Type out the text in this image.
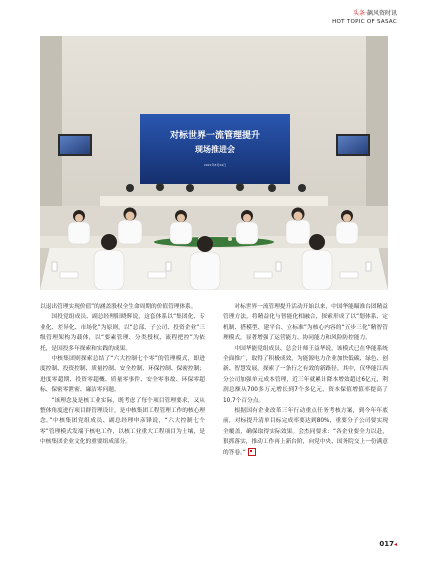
头条·飙风资时讯
HOT TOPIC OF SASAC
对标世界一流管理提升
现场推进会
2021年8月24日

以退出管理实现价值”的涵盖股权全生命周期的价值管理体系。

国投党组成员、副总经理阳晓辉说，这套体系以“集团化、专业化、差异化、市场化”为原则，以“总部、子公司、投资企业”三级管理架构为载体，以“要素管理、分类授权、流程把控”为依托，是国投多年探索和实践的成果。

中核集团则探索总结了“六大控制七个零”的管理模式，即进度控制、投资控制、质量控制、安全控制、环保控制、保密控制；进度零超期、投资零超概、质量零事件、安全零事故、环保零超标、保密零泄密、廉洁零问题。

“该理念及是核工业实际，既考虑了每个项目管理要求，又从整体角度进行项目群管理设计，是中核集团工程管理工作的核心理念。”中核集团党组成员、副总经理申彦锋说，“六大控制七个零”管理模式发端于核电工作，以核工业重大工程项目为土壤，是中核集团企业文化的重要组成部分。

对标世界一流管理提升活动开始以来，中国华能瞄准台团精益管理方法，将精益化与智能化相融合，探索形成了以“划体系、定机制、搭模型、建平台、立标准”为核心内容的“五步三化”精智管理模式，显著增强了运营能力、协同能力和风险防控能力。

中国华能党组成员、总会计师王益华说，该模式已在华能系统全面推广，取得了积极成效，为能源电力企业加快低碳、绿色、创新、智慧发展，探索了一条行之有效的新路径。其中，仅华能江西分公司加强单元成本管理，近三年就累计降本增效超过6亿元，利润总额从700多万元增长到7个多亿元，资本保值增值率提高了10.7个百分点。

根据国有企业改革三年行动重点任务考核方案，到今年年底前，对标提升清单目标完成率要达到80%，重要分子公司要实现全覆盖，确保取得实际效果。会杰同要求：“各企业要全力以赴，狠抓落实，推动工作再上新台阶，向党中央、国务院交上一份满意的答卷。”

017◂
